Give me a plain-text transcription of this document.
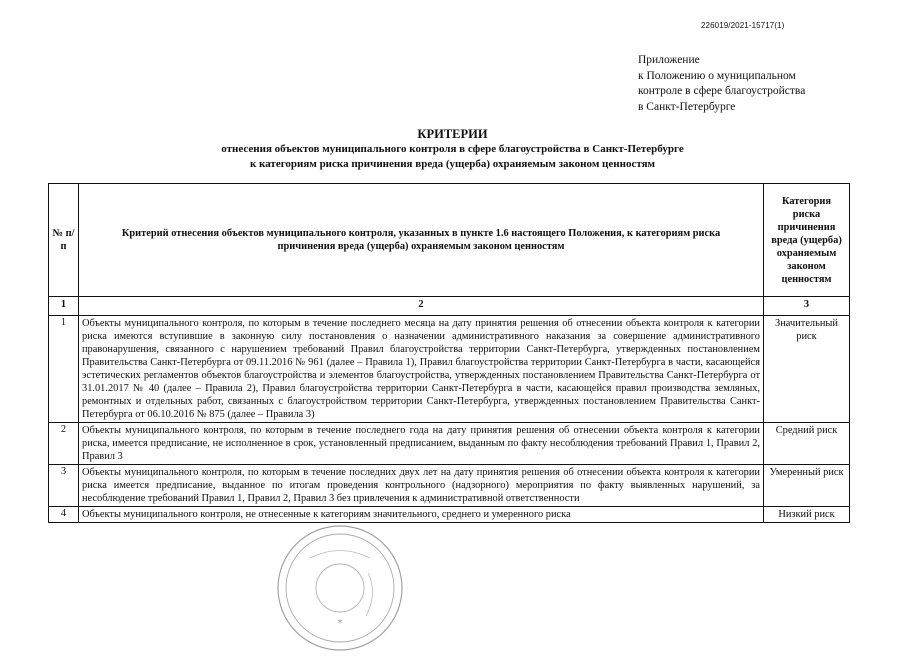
226019/2021-15717(1)
Приложение
к Положению о муниципальном
контроле в сфере благоустройства
в Санкт-Петербурге
КРИТЕРИИ
отнесения объектов муниципального контроля в сфере благоустройства в Санкт-Петербурге
к категориям риска причинения вреда (ущерба) охраняемым законом ценностям
№ п/п	Критерий отнесения объектов муниципального контроля, указанных в пункте 1.6 настоящего Положения, к категориям риска причинения вреда (ущерба) охраняемым законом ценностям	Категория риска причинения вреда (ущерба) охраняемым законом ценностям
1	2	3
1	Объекты муниципального контроля, по которым в течение последнего месяца на дату принятия решения об отнесении объекта контроля к категории риска имеются вступившие в законную силу постановления о назначении административного наказания за совершение административного правонарушения, связанного с нарушением требований Правил благоустройства территории Санкт-Петербурга, утвержденных постановлением Правительства Санкт-Петербурга от 09.11.2016 № 961 (далее – Правила 1), Правил благоустройства территории Санкт-Петербурга в части, касающейся эстетических регламентов объектов благоустройства и элементов благоустройства, утвержденных постановлением Правительства Санкт-Петербурга от 31.01.2017 № 40 (далее – Правила 2), Правил благоустройства территории Санкт-Петербурга в части, касающейся правил производства земляных, ремонтных и отдельных работ, связанных с благоустройством территории Санкт-Петербурга, утвержденных постановлением Правительства Санкт-Петербурга от 06.10.2016 № 875 (далее – Правила 3)	Значительный риск
2	Объекты муниципального контроля, по которым в течение последнего года на дату принятия решения об отнесении объекта контроля к категории риска, имеется предписание, не исполненное в срок, установленный предписанием, выданным по факту несоблюдения требований Правил 1, Правил 2, Правил 3	Средний риск
3	Объекты муниципального контроля, по которым в течение последних двух лет на дату принятия решения об отнесении объекта контроля к категории риска имеется предписание, выданное по итогам проведения контрольного (надзорного) мероприятия по факту выявленных нарушений, за несоблюдение требований Правил 1, Правил 2, Правил 3 без привлечения к административной ответственности	Умеренный риск
4	Объекты муниципального контроля, не отнесенные к категориям значительного, среднего и умеренного риска	Низкий риск
*
